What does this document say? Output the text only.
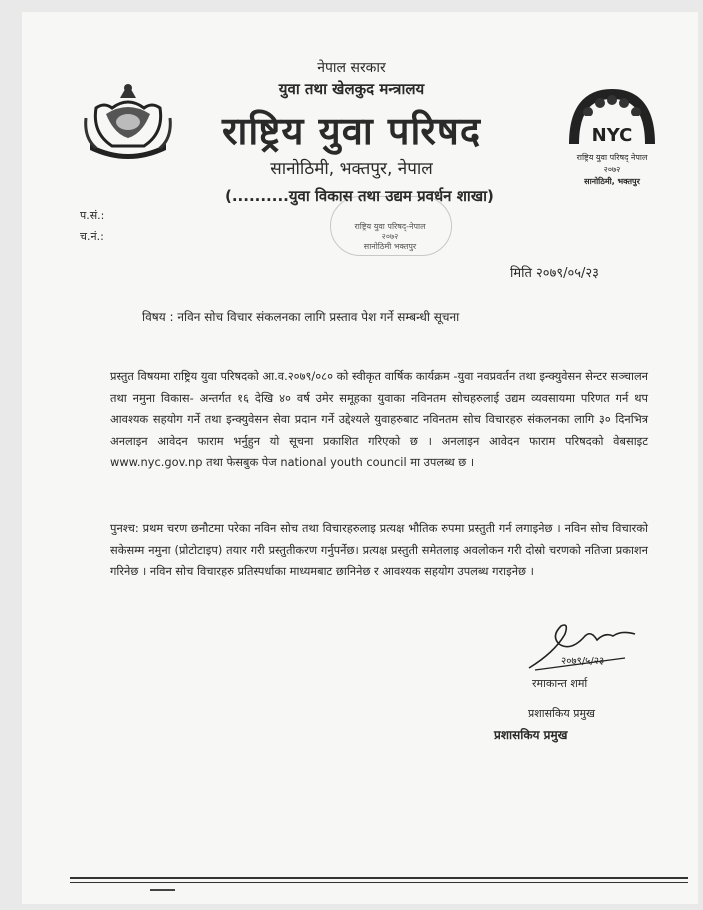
NYC
राष्ट्रिय युवा परिषद् नेपाल
२०७२
सानोठिमी, भक्तपुर
नेपाल सरकार
युवा तथा खेलकुद मन्त्रालय
राष्ट्रिय युवा परिषद
सानोठिमी, भक्तपुर, नेपाल
(..........युवा विकास तथा उद्यम प्रवर्धन शाखा)
राष्ट्रिय युवा परिषद्-नेपाल
२०७२
सानोठिमी भक्तपुर
प.सं.:
च.नं.:
मिति २०७९/०५/२३
विषय : नविन सोच विचार संकलनका लागि प्रस्ताव पेश गर्ने सम्बन्धी सूचना
प्रस्तुत विषयमा राष्ट्रिय युवा परिषदको आ.व.२०७९/०८० को स्वीकृत वार्षिक कार्यक्रम -युवा नवप्रवर्तन तथा इन्क्युवेसन सेन्टर सञ्चालन तथा नमुना विकास- अन्तर्गत १६ देखि ४० वर्ष उमेर समूहका युवाका नविनतम सोचहरुलाई उद्यम व्यवसायमा परिणत गर्न थप आवश्यक सहयोग गर्ने तथा इन्क्युवेसन सेवा प्रदान गर्ने उद्देश्यले युवाहरुबाट नविनतम सोच विचारहरु संकलनका लागि ३० दिनभित्र अनलाइन आवेदन फाराम भर्नुहुन यो सूचना प्रकाशित गरिएको छ । अनलाइन आवेदन फाराम परिषदको वेबसाइट www.nyc.gov.np तथा फेसबुक पेज national youth council मा उपलब्ध छ ।
पुनश्च: प्रथम चरण छनौटमा परेका नविन सोच तथा विचारहरुलाइ प्रत्यक्ष भौतिक रुपमा प्रस्तुती गर्न लगाइनेछ । नविन सोच विचारको सकेसम्म नमुना (प्रोटोटाइप) तयार गरी प्रस्तुतीकरण गर्नुपर्नेछ। प्रत्यक्ष प्रस्तुती समेतलाइ अवलोकन गरी दोस्रो चरणको नतिजा प्रकाशन गरिनेछ । नविन सोच विचारहरु प्रतिस्पर्धाका माध्यमबाट छानिनेछ र आवश्यक सहयोग उपलब्ध गराइनेछ ।
२०७९/५/२३
रमाकान्त शर्मा
प्रशासकिय प्रमुख
प्रशासकिय प्रमुख
